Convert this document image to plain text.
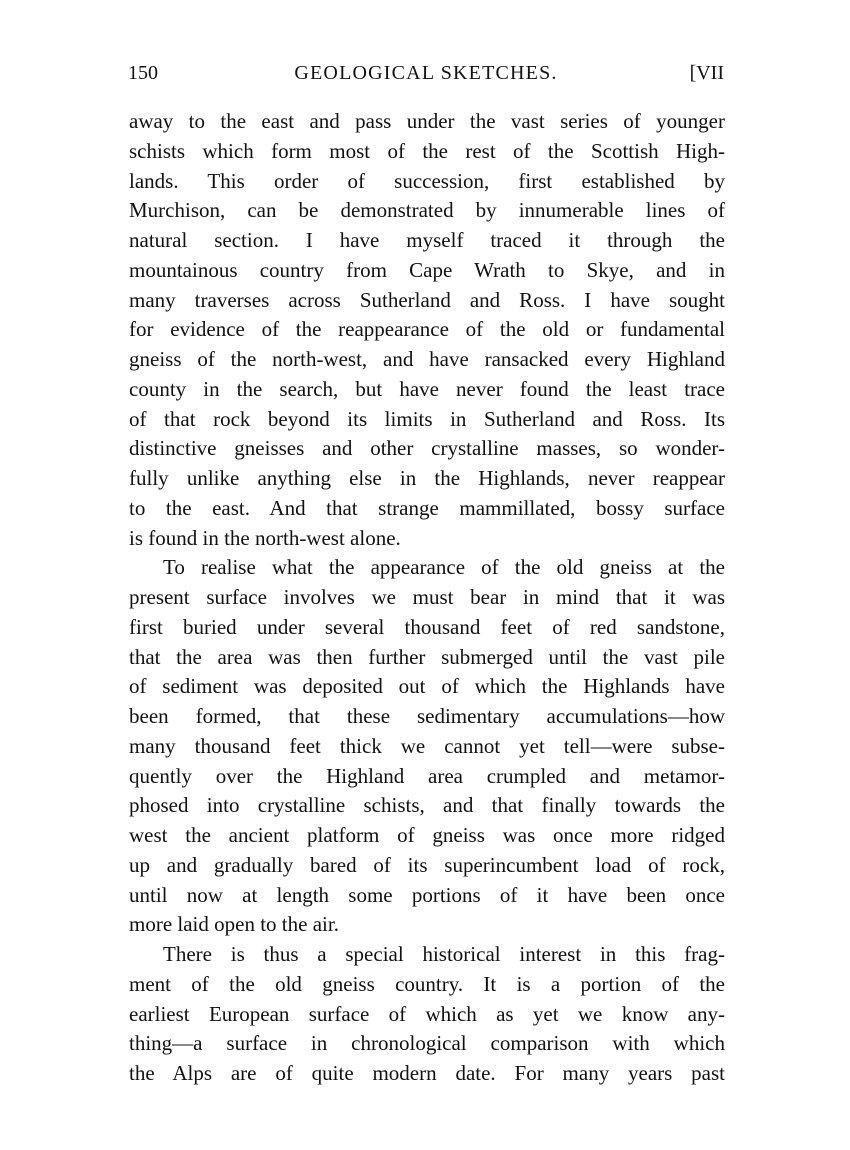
150	GEOLOGICAL SKETCHES.	[VII
away to the east and pass under the vast series of younger
schists which form most of the rest of the Scottish High-
lands. This order of succession, first established by
Murchison, can be demonstrated by innumerable lines of
natural section. I have myself traced it through the
mountainous country from Cape Wrath to Skye, and in
many traverses across Sutherland and Ross. I have sought
for evidence of the reappearance of the old or fundamental
gneiss of the north-west, and have ransacked every Highland
county in the search, but have never found the least trace
of that rock beyond its limits in Sutherland and Ross. Its
distinctive gneisses and other crystalline masses, so wonder-
fully unlike anything else in the Highlands, never reappear
to the east. And that strange mammillated, bossy surface
is found in the north-west alone.
To realise what the appearance of the old gneiss at the
present surface involves we must bear in mind that it was
first buried under several thousand feet of red sandstone,
that the area was then further submerged until the vast pile
of sediment was deposited out of which the Highlands have
been formed, that these sedimentary accumulations—how
many thousand feet thick we cannot yet tell—were subse-
quently over the Highland area crumpled and metamor-
phosed into crystalline schists, and that finally towards the
west the ancient platform of gneiss was once more ridged
up and gradually bared of its superincumbent load of rock,
until now at length some portions of it have been once
more laid open to the air.
There is thus a special historical interest in this frag-
ment of the old gneiss country. It is a portion of the
earliest European surface of which as yet we know any-
thing—a surface in chronological comparison with which
the Alps are of quite modern date. For many years past
